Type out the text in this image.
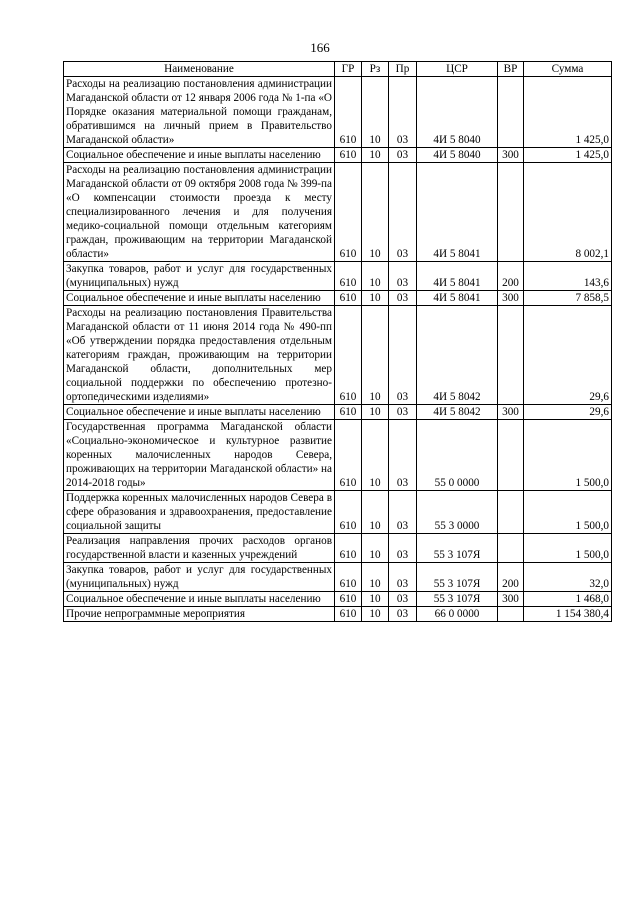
166
Наименование	ГР	Рз	Пр	ЦСР	ВР	Сумма
Расходы на реализацию постановления администрации Магаданской области от 12 января 2006 года № 1-па «О Порядке оказания материальной помощи гражданам, обратившимся на личный прием в Правительство Магаданской области»	610	10	03	4И 5 8040		1 425,0
Социальное обеспечение и иные выплаты населению	610	10	03	4И 5 8040	300	1 425,0
Расходы на реализацию постановления администрации Магаданской области от 09 октября 2008 года № 399-па «О компенсации стоимости проезда к месту специализированного лечения и для получения медико-социальной помощи отдельным категориям граждан, проживающим на территории Магаданской области»	610	10	03	4И 5 8041		8 002,1
Закупка товаров, работ и услуг для государственных (муниципальных) нужд	610	10	03	4И 5 8041	200	143,6
Социальное обеспечение и иные выплаты населению	610	10	03	4И 5 8041	300	7 858,5
Расходы на реализацию постановления Правительства Магаданской области от 11 июня 2014 года № 490-пп «Об утверждении порядка предоставления отдельным категориям граждан, проживающим на территории Магаданской области, дополнительных мер социальной поддержки по обеспечению протезно-ортопедическими изделиями»	610	10	03	4И 5 8042		29,6
Социальное обеспечение и иные выплаты населению	610	10	03	4И 5 8042	300	29,6
Государственная программа Магаданской области «Социально-экономическое и культурное развитие коренных малочисленных народов Севера, проживающих на территории Магаданской области» на 2014-2018 годы»	610	10	03	55 0 0000		1 500,0
Поддержка коренных малочисленных народов Севера в сфере образования и здравоохранения, предоставление социальной защиты	610	10	03	55 3 0000		1 500,0
Реализация направления прочих расходов органов государственной власти и казенных учреждений	610	10	03	55 3 107Я		1 500,0
Закупка товаров, работ и услуг для государственных (муниципальных) нужд	610	10	03	55 3 107Я	200	32,0
Социальное обеспечение и иные выплаты населению	610	10	03	55 3 107Я	300	1 468,0
Прочие непрограммные мероприятия	610	10	03	66 0 0000		1 154 380,4
